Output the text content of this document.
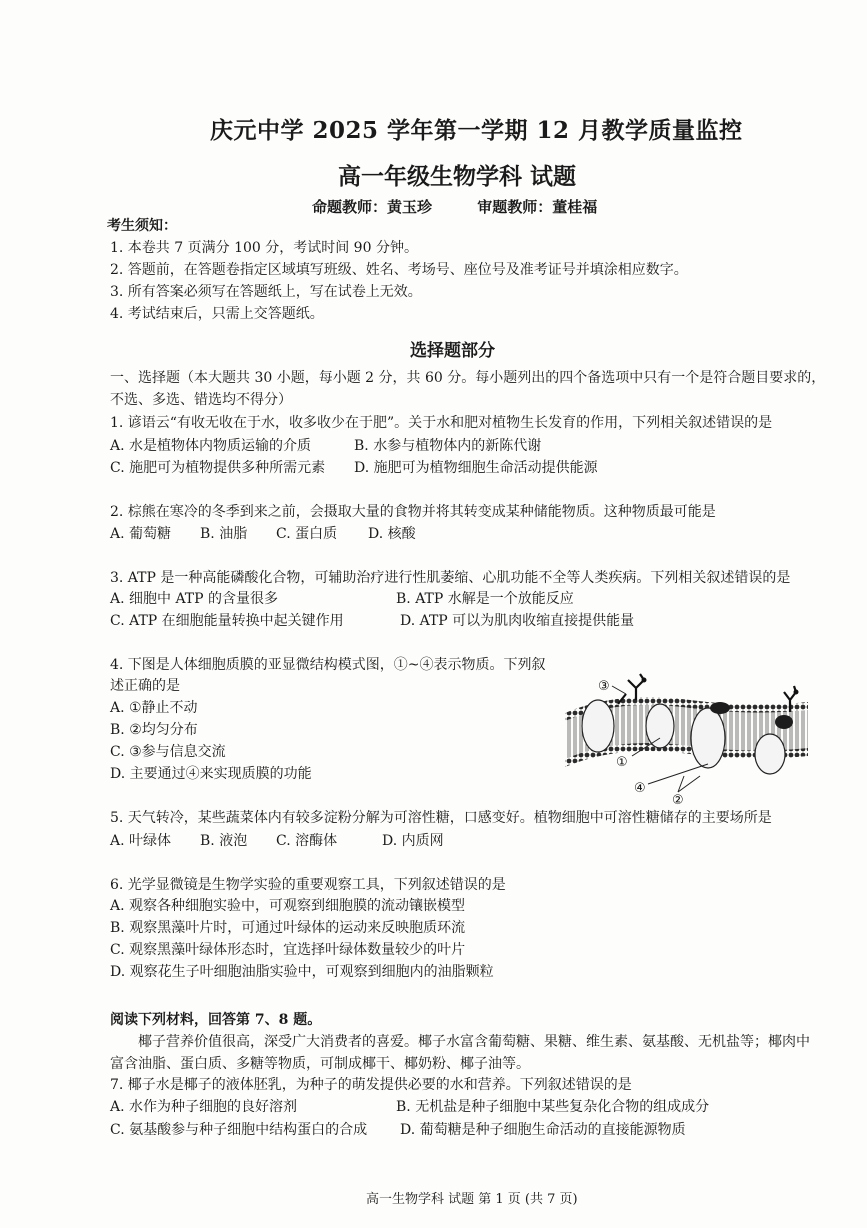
庆元中学 2025 学年第一学期 12 月教学质量监控
高一年级生物学科 试题
命题教师：黄玉珍	审题教师：董桂福
考生须知：
1. 本卷共 7 页满分 100 分，考试时间 90 分钟。
2. 答题前，在答题卷指定区域填写班级、姓名、考场号、座位号及准考证号并填涂相应数字。
3. 所有答案必须写在答题纸上，写在试卷上无效。
4. 考试结束后，只需上交答题纸。
选择题部分
一、选择题（本大题共 30 小题，每小题 2 分，共 60 分。每小题列出的四个备选项中只有一个是符合题目要求的，
不选、多选、错选均不得分）
1. 谚语云“有收无收在于水，收多收少在于肥”。关于水和肥对植物生长发育的作用，下列相关叙述错误的是
A. 水是植物体内物质运输的介质	B. 水参与植物体内的新陈代谢
C. 施肥可为植物提供多种所需元素 D. 施肥可为植物细胞生命活动提供能源
2. 棕熊在寒冷的冬季到来之前，会摄取大量的食物并将其转变成某种储能物质。这种物质最可能是
A. 葡萄糖 B. 油脂 C. 蛋白质 D. 核酸
3. ATP 是一种高能磷酸化合物，可辅助治疗进行性肌萎缩、心肌功能不全等人类疾病。下列相关叙述错误的是
A. 细胞中 ATP 的含量很多	B. ATP 水解是一个放能反应
C. ATP 在细胞能量转换中起关键作用	D. ATP 可以为肌肉收缩直接提供能量
4. 下图是人体细胞质膜的亚显微结构模式图，①~④表示物质。下列叙
述正确的是
A. ①静止不动
B. ②均匀分布
C. ③参与信息交流
D. 主要通过④来实现质膜的功能
③
①
④
②
5. 天气转冷，某些蔬菜体内有较多淀粉分解为可溶性糖，口感变好。植物细胞中可溶性糖储存的主要场所是
A. 叶绿体 B. 液泡 C. 溶酶体	D. 内质网
6. 光学显微镜是生物学实验的重要观察工具，下列叙述错误的是
A. 观察各种细胞实验中，可观察到细胞膜的流动镶嵌模型
B. 观察黑藻叶片时，可通过叶绿体的运动来反映胞质环流
C. 观察黑藻叶绿体形态时，宜选择叶绿体数量较少的叶片
D. 观察花生子叶细胞油脂实验中，可观察到细胞内的油脂颗粒
阅读下列材料，回答第 7、8 题。
椰子营养价值很高，深受广大消费者的喜爱。椰子水富含葡萄糖、果糖、维生素、氨基酸、无机盐等；椰肉中
富含油脂、蛋白质、多糖等物质，可制成椰干、椰奶粉、椰子油等。
7. 椰子水是椰子的液体胚乳，为种子的萌发提供必要的水和营养。下列叙述错误的是
A. 水作为种子细胞的良好溶剂	B. 无机盐是种子细胞中某些复杂化合物的组成成分
C. 氨基酸参与种子细胞中结构蛋白的合成 D. 葡萄糖是种子细胞生命活动的直接能源物质
高一生物学科 试题 第 1 页 (共 7 页)
